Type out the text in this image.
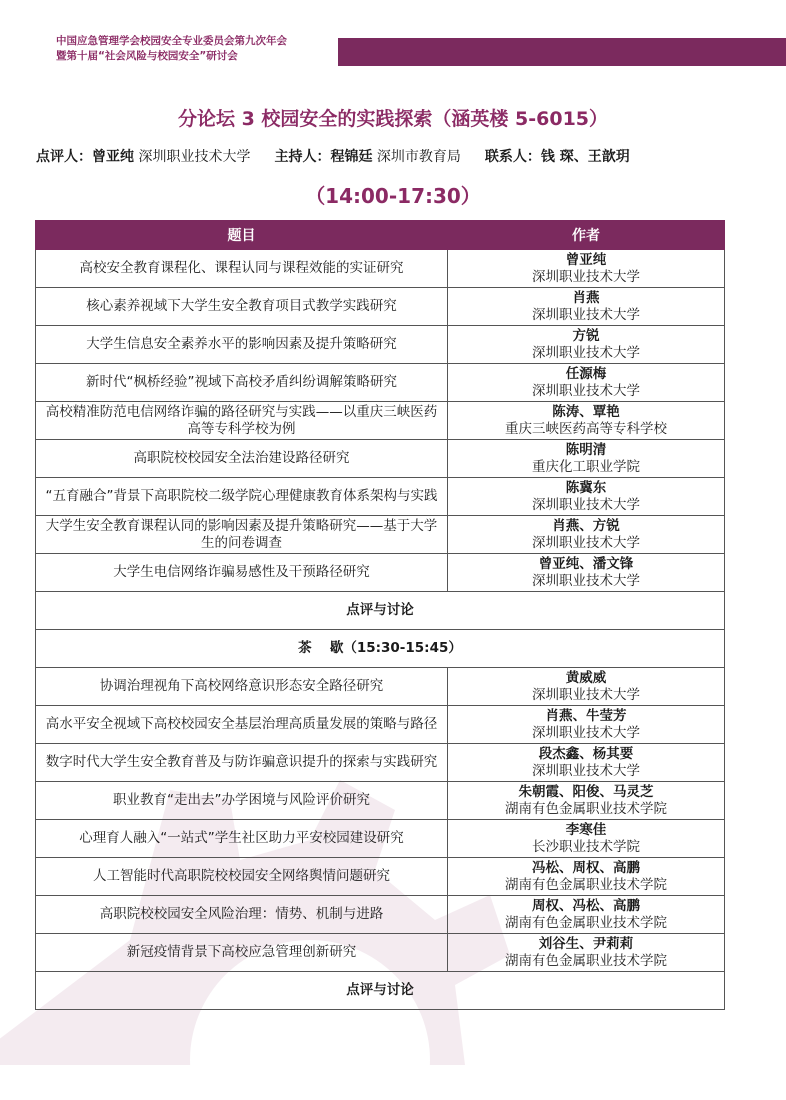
中国应急管理学会校园安全专业委员会第九次年会
暨第十届“社会风险与校园安全”研讨会
分论坛 3 校园安全的实践探索（涵英楼 5-6015）
点评人：曾亚纯 深圳职业技术大学 主持人：程锦廷 深圳市教育局 联系人：钱 琛、王歆玥
（14:00-17:30）
题目	作者
高校安全教育课程化、课程认同与课程效能的实证研究	曾亚纯
深圳职业技术大学

核心素养视域下大学生安全教育项目式教学实践研究	肖燕
深圳职业技术大学

大学生信息安全素养水平的影响因素及提升策略研究	方锐
深圳职业技术大学

新时代“枫桥经验”视域下高校矛盾纠纷调解策略研究	任源梅
深圳职业技术大学

高校精准防范电信网络诈骗的路径研究与实践——以重庆三峡医药高等专科学校为例	陈涛、覃艳
重庆三峡医药高等专科学校

高职院校校园安全法治建设路径研究	陈明清
重庆化工职业学院

“五育融合”背景下高职院校二级学院心理健康教育体系架构与实践	陈冀东
深圳职业技术大学

大学生安全教育课程认同的影响因素及提升策略研究——基于大学生的问卷调查	肖燕、方锐
深圳职业技术大学

大学生电信网络诈骗易感性及干预路径研究	曾亚纯、潘文锋
深圳职业技术大学

点评与讨论	
茶　 歇（15:30-15:45）	
协调治理视角下高校网络意识形态安全路径研究	黄威威
深圳职业技术大学

高水平安全视域下高校校园安全基层治理高质量发展的策略与路径	肖燕、牛莹芳
深圳职业技术大学

数字时代大学生安全教育普及与防诈骗意识提升的探索与实践研究	段杰鑫、杨其要
深圳职业技术大学

职业教育“走出去”办学困境与风险评价研究	朱朝霞、阳俊、马灵芝
湖南有色金属职业技术学院

心理育人融入“一站式”学生社区助力平安校园建设研究	李寒佳
长沙职业技术学院

人工智能时代高职院校校园安全网络舆情问题研究	冯松、周权、高鹏
湖南有色金属职业技术学院

高职院校校园安全风险治理：情势、机制与进路	周权、冯松、高鹏
湖南有色金属职业技术学院

新冠疫情背景下高校应急管理创新研究	刘谷生、尹莉莉
湖南有色金属职业技术学院

点评与讨论	
